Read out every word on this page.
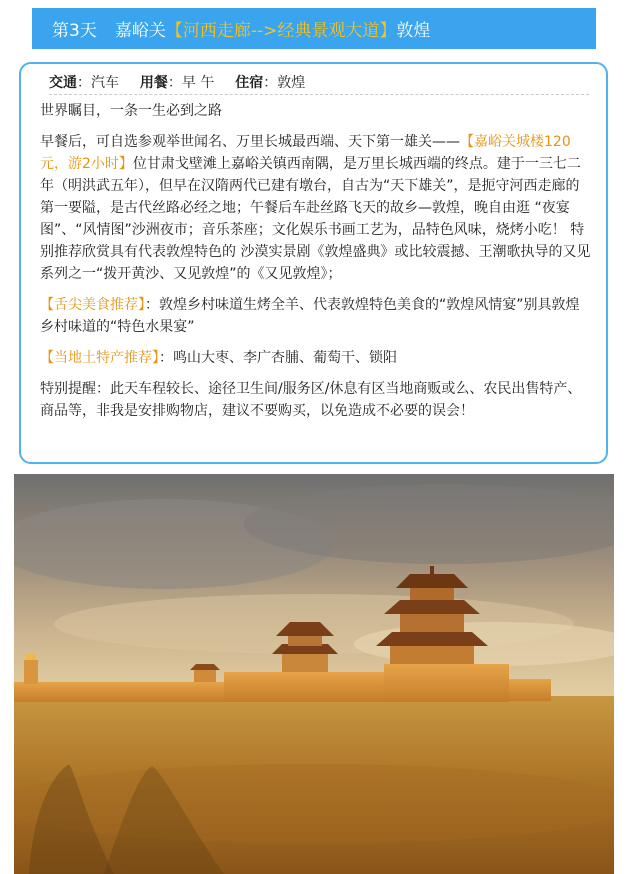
第3天 嘉峪关 【河西走廊-->经典景观大道】 敦煌
交通：汽车 用餐：早 午 住宿：敦煌

世界瞩目，一条一生必到之路

早餐后，可自选参观举世闻名、万里长城最西端、天下第一雄关——【嘉峪关城楼120元，游2小时】位甘肃戈壁滩上嘉峪关镇西南隅，是万里长城西端的终点。建于一三七二年（明洪武五年），但早在汉隋两代已建有墩台，自古为“天下雄关”，是扼守河西走廊的第一要隘，是古代丝路必经之地；午餐后车赴丝路飞天的故乡—敦煌，晚自由逛 “夜宴图”、“风情图”沙洲夜市；音乐茶座；文化娱乐书画工艺为，品特色风味，烧烤小吃！ 特别推荐欣赏具有代表敦煌特色的 沙漠实景剧《敦煌盛典》或比较震撼、王潮歌执导的又见系列之一“拨开黄沙、又见敦煌”的《又见敦煌》；

【舌尖美食推荐】：敦煌乡村味道生烤全羊、代表敦煌特色美食的“敦煌风情宴”别具敦煌乡村味道的“特色水果宴”

【当地土特产推荐】：鸣山大枣、李广杏脯、葡萄干、锁阳

特别提醒：此天车程较长、途径卫生间/服务区/休息有区当地商贩或么、农民出售特产、商品等，非我是安排购物店，建议不要购买，以免造成不必要的误会！
